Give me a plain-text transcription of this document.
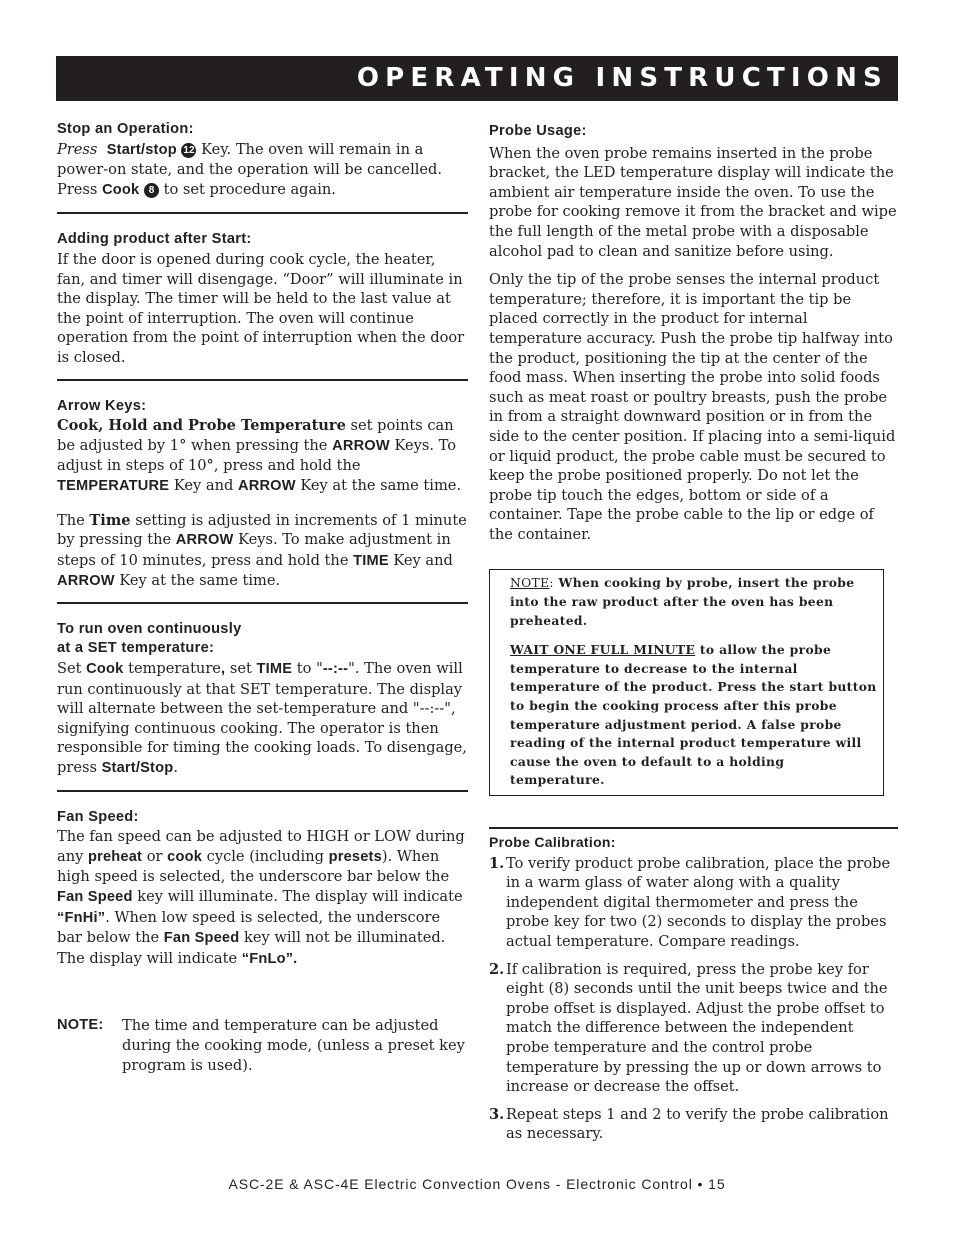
OPERATING INSTRUCTIONS
Stop an Operation:

Press Start/stop 12 Key. The oven will remain in a power-on state, and the operation will be cancelled. Press Cook 8 to set procedure again.

Adding product after Start:

If the door is opened during cook cycle, the heater, fan, and timer will disengage. “Door” will illuminate in the display. The timer will be held to the last value at the point of interruption. The oven will continue operation from the point of interruption when the door is closed.

Arrow Keys:

Cook, Hold and Probe Temperature set points can be adjusted by 1° when pressing the ARROW Keys. To adjust in steps of 10°, press and hold the TEMPERATURE Key and ARROW Key at the same time.

The Time setting is adjusted in increments of 1 minute by pressing the ARROW Keys. To make adjustment in steps of 10 minutes, press and hold the TIME Key and ARROW Key at the same time.

To run oven continuously
at a SET temperature:

Set Cook temperature, set TIME to "--:--". The oven will run continuously at that SET temperature. The display will alternate between the set-temperature and "--:--", signifying continuous cooking. The operator is then responsible for timing the cooking loads. To disengage, press Start/Stop.

Fan Speed:

The fan speed can be adjusted to HIGH or LOW during any preheat or cook cycle (including presets). When high speed is selected, the underscore bar below the Fan Speed key will illuminate. The display will indicate “FnHi”. When low speed is selected, the underscore bar below the Fan Speed key will not be illuminated. The display will indicate “FnLo”.

NOTE:	The time and temperature can be adjusted during the cooking mode, (unless a preset key program is used).
Probe Usage:

When the oven probe remains inserted in the probe bracket, the LED temperature display will indicate the ambient air temperature inside the oven. To use the probe for cooking remove it from the bracket and wipe the full length of the metal probe with a disposable alcohol pad to clean and sanitize before using.

Only the tip of the probe senses the internal product temperature; therefore, it is important the tip be placed correctly in the product for internal temperature accuracy. Push the probe tip halfway into the product, positioning the tip at the center of the food mass. When inserting the probe into solid foods such as meat roast or poultry breasts, push the probe in from a straight downward position or in from the side to the center position. If placing into a semi-liquid or liquid product, the probe cable must be secured to keep the probe positioned properly. Do not let the probe tip touch the edges, bottom or side of a container. Tape the probe cable to the lip or edge of the container.

NOTE: When cooking by probe, insert the probe into the raw product after the oven has been preheated.

WAIT ONE FULL MINUTE to allow the probe temperature to decrease to the internal temperature of the product. Press the start button to begin the cooking process after this probe temperature adjustment period. A false probe reading of the internal product temperature will cause the oven to default to a holding temperature.

Probe Calibration:
1. To verify product probe calibration, place the probe in a warm glass of water along with a quality independent digital thermometer and press the probe key for two (2) seconds to display the probes actual temperature. Compare readings.
2. If calibration is required, press the probe key for eight (8) seconds until the unit beeps twice and the probe offset is displayed. Adjust the probe offset to match the difference between the independent probe temperature and the control probe temperature by pressing the up or down arrows to increase or decrease the offset.
3. Repeat steps 1 and 2 to verify the probe calibration as necessary.
ASC-2E & ASC-4E Electric Convection Ovens - Electronic Control • 15
